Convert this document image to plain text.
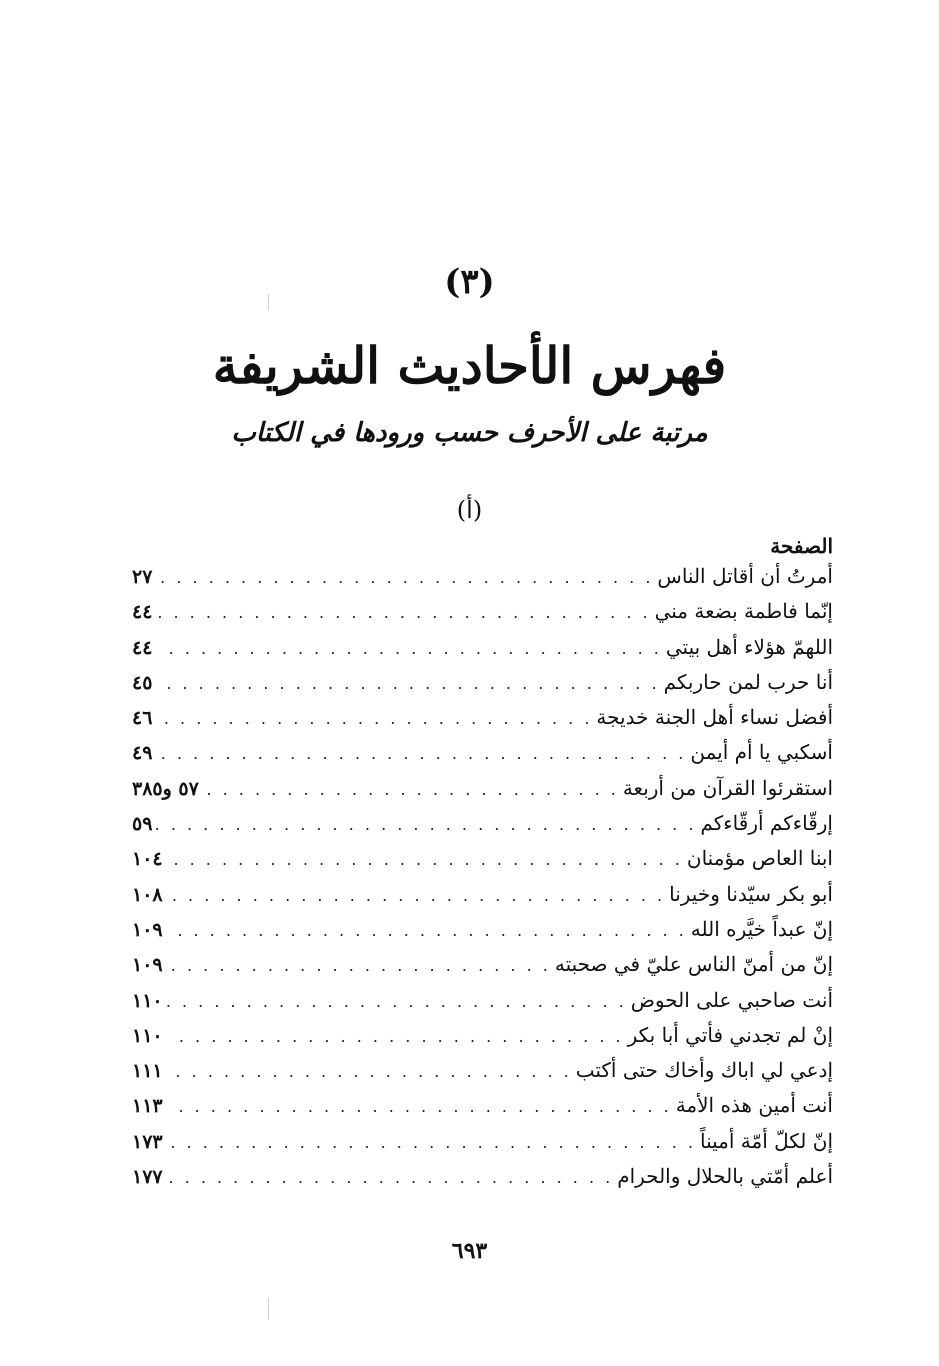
(٣)
فهرس الأحاديث الشريفة
مرتبة على الأحرف حسب ورودها في الكتاب
(أ)
الصفحة
أمرتُ أن أقاتل الناس
. . .
٢٧
إنّما فاطمة بضعة مني
. . .
٤٤
اللهمّ هؤلاء أهل بيتي
. . .
٤٤
أنا حرب لمن حاربكم
. . .
٤٥
أفضل نساء أهل الجنة خديجة
. . .
٤٦
أسكبي يا أم أيمن
. . .
٤٩
استقرئوا القرآن من أربعة
. . .
٥٧ و٣٨٥
إرقّاءكم أرقّاءكم
. . .
٥٩
ابنا العاص مؤمنان
. . .
١٠٤
أبو بكر سيّدنا وخيرنا
. . .
١٠٨
إنّ عبداً خيَّره الله
. . .
١٠٩
إنّ من أمنّ الناس عليّ في صحبته
. . .
١٠٩
أنت صاحبي على الحوض
. . .
١١٠
إنْ لم تجدني فأتي أبا بكر
. . .
١١٠
إدعي لي اباك وأخاك حتى أكتب
. . .
١١١
أنت أمين هذه الأمة
. . .
١١٣
إنّ لكلّ أمّة أميناً
. . .
١٧٣
أعلم أمّتي بالحلال والحرام
. . .
١٧٧
٦٩٣
